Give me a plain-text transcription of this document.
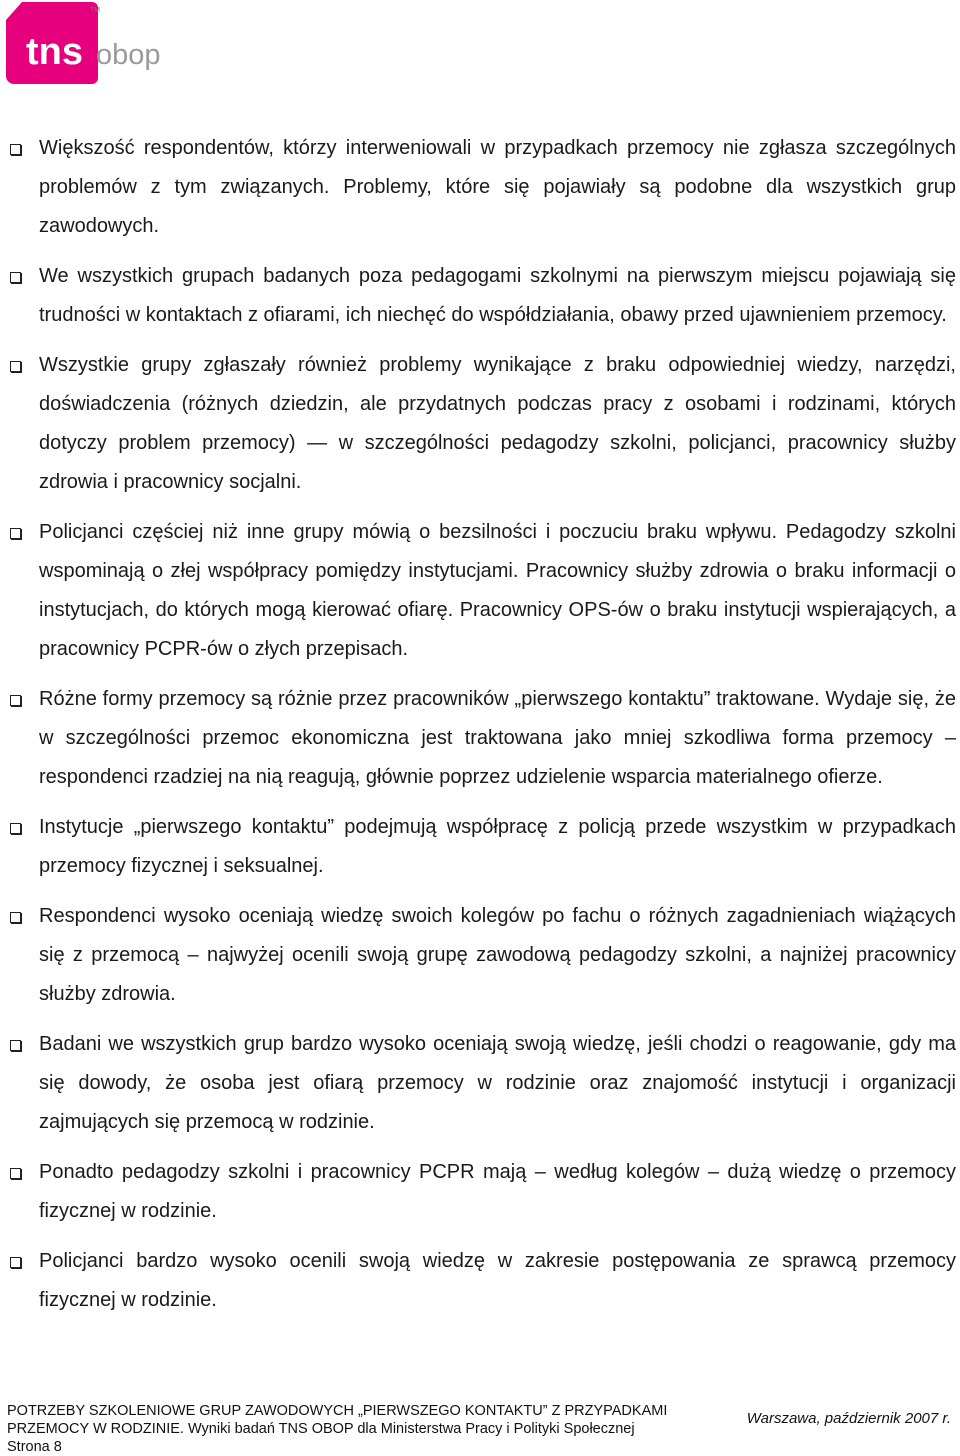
tns obop
TM
Większość respondentów, którzy interweniowali w przypadkach przemocy nie zgłasza szczególnych problemów z tym związanych. Problemy, które się pojawiały są podobne dla wszystkich grup zawodowych.
We wszystkich grupach badanych poza pedagogami szkolnymi na pierwszym miejscu pojawiają się trudności w kontaktach z ofiarami, ich niechęć do współdziałania, obawy przed ujawnieniem przemocy.
Wszystkie grupy zgłaszały również problemy wynikające z braku odpowiedniej wiedzy, narzędzi, doświadczenia (różnych dziedzin, ale przydatnych podczas pracy z osobami i rodzinami, których dotyczy problem przemocy) — w szczególności pedagodzy szkolni, policjanci, pracownicy służby zdrowia i pracownicy socjalni.
Policjanci częściej niż inne grupy mówią o bezsilności i poczuciu braku wpływu. Pedagodzy szkolni wspominają o złej współpracy pomiędzy instytucjami. Pracownicy służby zdrowia o braku informacji o instytucjach, do których mogą kierować ofiarę. Pracownicy OPS-ów o braku instytucji wspierających, a pracownicy PCPR-ów o złych przepisach.
Różne formy przemocy są różnie przez pracowników „pierwszego kontaktu” traktowane. Wydaje się, że w szczególności przemoc ekonomiczna jest traktowana jako mniej szkodliwa forma przemocy – respondenci rzadziej na nią reagują, głównie poprzez udzielenie wsparcia materialnego ofierze.
Instytucje „pierwszego kontaktu” podejmują współpracę z policją przede wszystkim w przypadkach przemocy fizycznej i seksualnej.
Respondenci wysoko oceniają wiedzę swoich kolegów po fachu o różnych zagadnieniach wiążących się z przemocą – najwyżej ocenili swoją grupę zawodową pedagodzy szkolni, a najniżej pracownicy służby zdrowia.
Badani we wszystkich grup bardzo wysoko oceniają swoją wiedzę, jeśli chodzi o reagowanie, gdy ma się dowody, że osoba jest ofiarą przemocy w rodzinie oraz znajomość instytucji i organizacji zajmujących się przemocą w rodzinie.
Ponadto pedagodzy szkolni i pracownicy PCPR mają – według kolegów – dużą wiedzę o przemocy fizycznej w rodzinie.
Policjanci bardzo wysoko ocenili swoją wiedzę w zakresie postępowania ze sprawcą przemocy fizycznej w rodzinie.
POTRZEBY SZKOLENIOWE GRUP ZAWODOWYCH „PIERWSZEGO KONTAKTU” Z PRZYPADKAMI
PRZEMOCY W RODZINIE. Wyniki badań TNS OBOP dla Ministerstwa Pracy i Polityki Społecznej
Strona 8
Warszawa, październik 2007 r.
